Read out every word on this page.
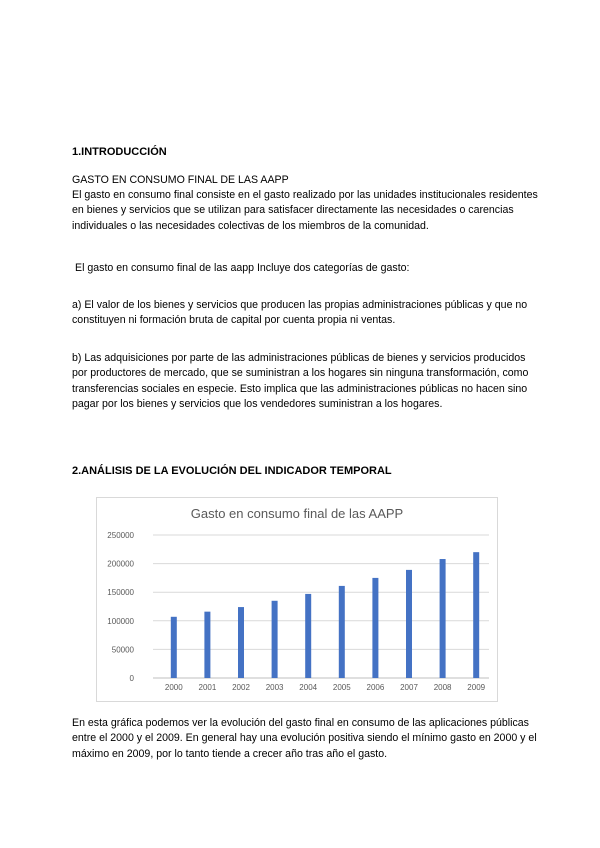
1.INTRODUCCIÓN
GASTO EN CONSUMO FINAL DE LAS AAPP

El gasto en consumo final consiste en el gasto realizado por las unidades institucionales residentes en bienes y servicios que se utilizan para satisfacer directamente las necesidades o carencias individuales o las necesidades colectivas de los miembros de la comunidad.

El gasto en consumo final de las aapp Incluye dos categorías de gasto:

a) El valor de los bienes y servicios que producen las propias administraciones públicas y que no constituyen ni formación bruta de capital por cuenta propia ni ventas.

b) Las adquisiciones por parte de las administraciones públicas de bienes y servicios producidos por productores de mercado, que se suministran a los hogares sin ninguna transformación, como transferencias sociales en especie. Esto implica que las administraciones públicas no hacen sino pagar por los bienes y servicios que los vendedores suministran a los hogares.

2.ANÁLISIS DE LA EVOLUCIÓN DEL INDICADOR TEMPORAL
Gasto en consumo final de las AAPP
0
50000
100000
150000
200000
250000
2000 2001 2002 2003 2004 2005 2006 2007 2008 2009

En esta gráfica podemos ver la evolución del gasto final en consumo de las aplicaciones públicas entre el 2000 y el 2009. En general hay una evolución positiva siendo el mínimo gasto en 2000 y el máximo en 2009, por lo tanto tiende a crecer año tras año el gasto.
